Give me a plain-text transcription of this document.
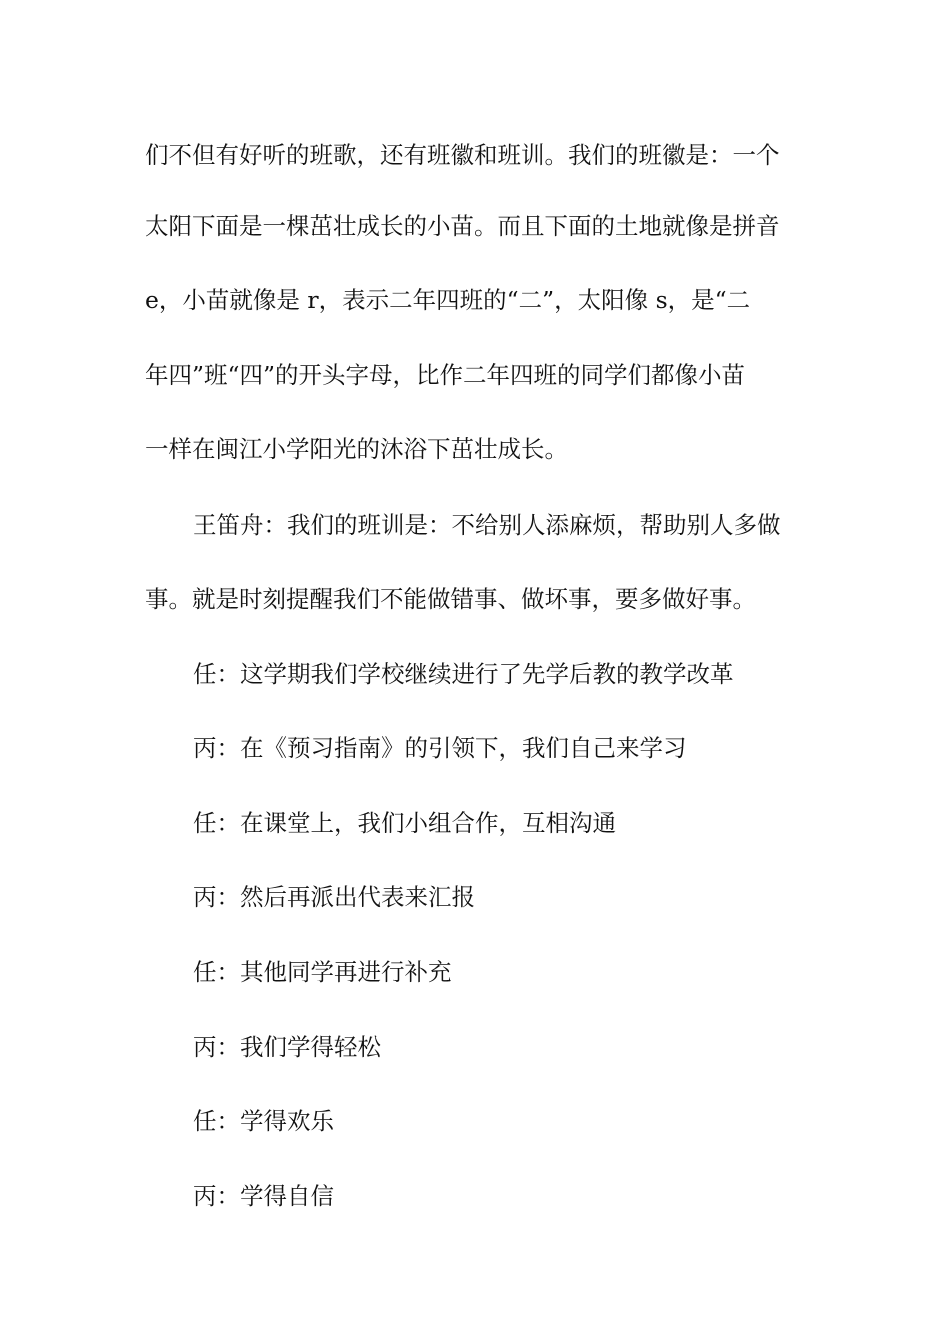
们不但有好听的班歌，还有班徽和班训。我们的班徽是：一个
太阳下面是一棵茁壮成长的小苗。而且下面的土地就像是拼音
e，小苗就像是 r，表示二年四班的“二”，太阳像 s，是“二
年四”班“四”的开头字母，比作二年四班的同学们都像小苗
一样在闽江小学阳光的沐浴下茁壮成长。
王笛舟：我们的班训是：不给别人添麻烦，帮助别人多做
事。就是时刻提醒我们不能做错事、做坏事，要多做好事。
任：这学期我们学校继续进行了先学后教的教学改革
丙：在《预习指南》的引领下，我们自己来学习
任：在课堂上，我们小组合作，互相沟通
丙：然后再派出代表来汇报
任：其他同学再进行补充
丙：我们学得轻松
任：学得欢乐
丙：学得自信
